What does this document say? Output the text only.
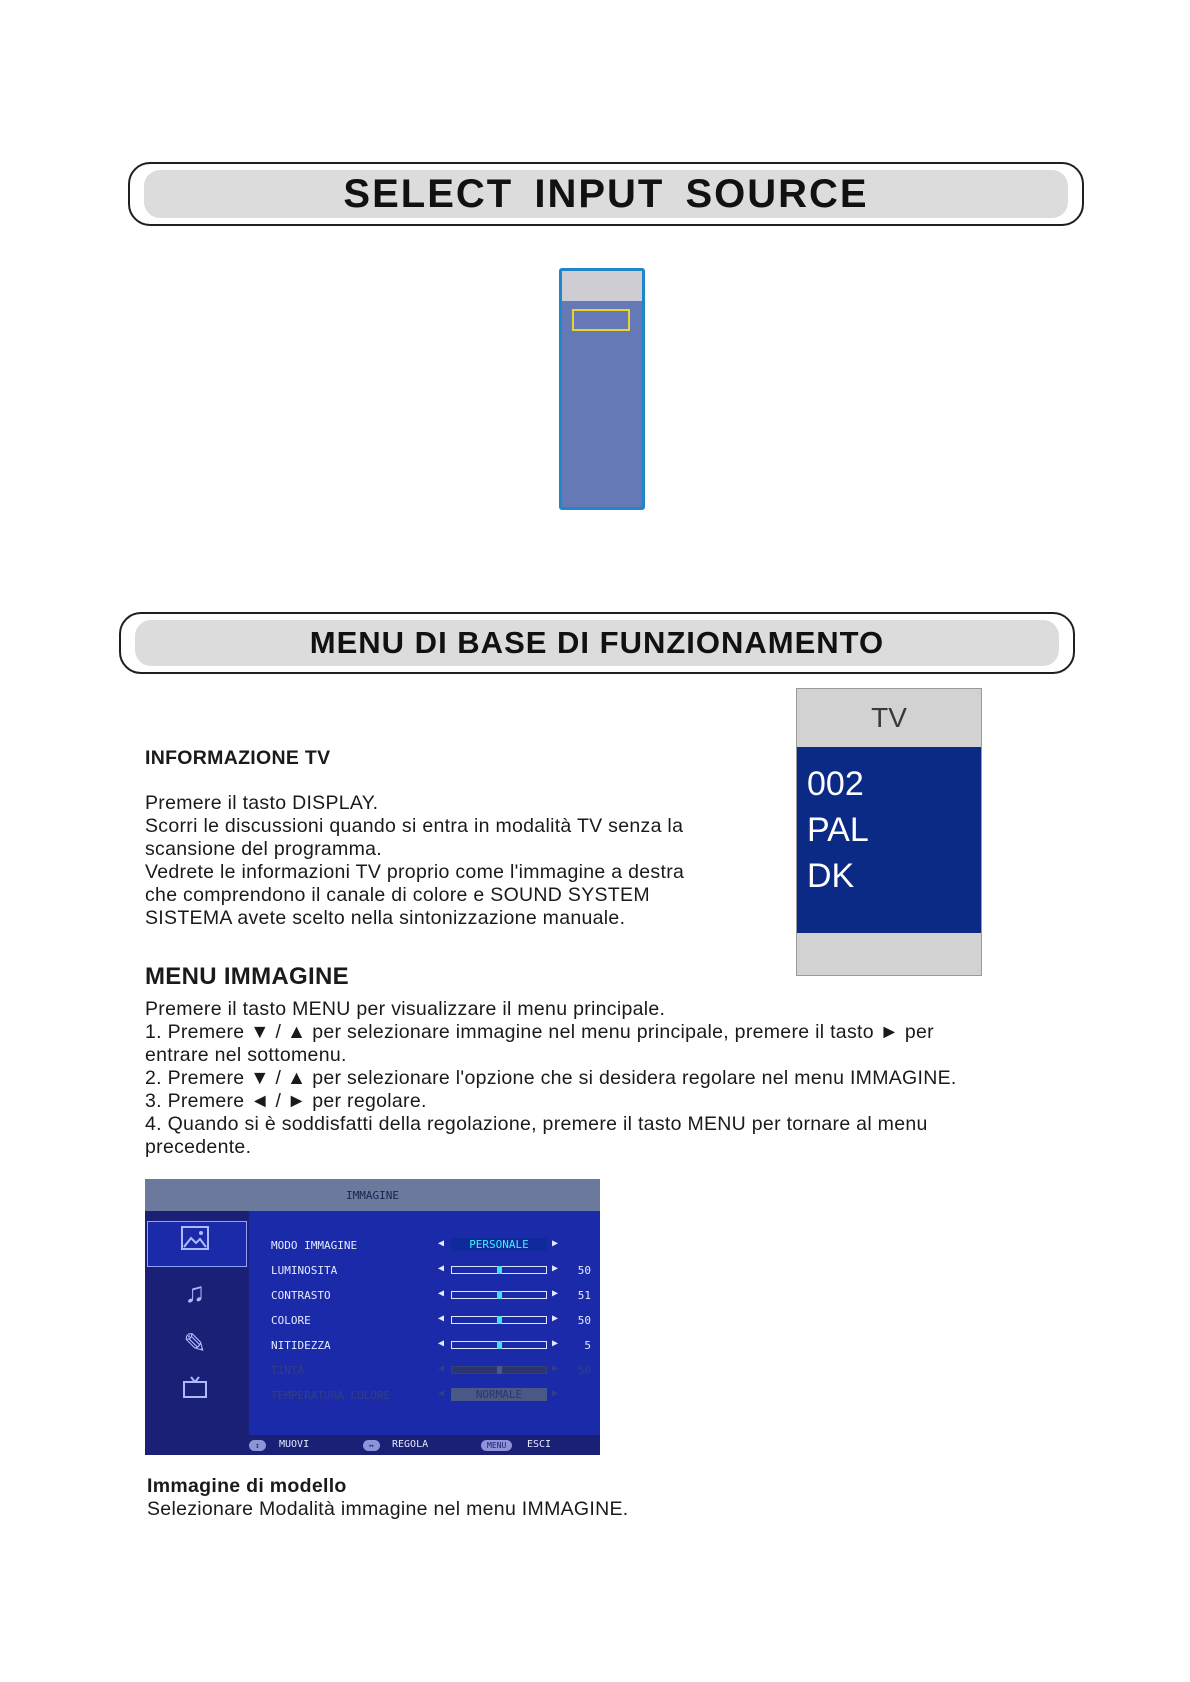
SELECT INPUT SOURCE
MENU DI BASE DI FUNZIONAMENTO
INFORMAZIONE TV
Premere il tasto DISPLAY.
Scorri le discussioni quando si entra in modalità TV senza la
scansione del programma.
Vedrete le informazioni TV proprio come l'immagine a destra
che comprendono il canale di colore e SOUND SYSTEM
SISTEMA avete scelto nella sintonizzazione manuale.
TV
002
PAL
DK
MENU IMMAGINE
Premere il tasto MENU per visualizzare il menu principale.
1. Premere ▼ / ▲ per selezionare immagine nel menu principale, premere il tasto ► per
entrare nel sottomenu.
2. Premere ▼ / ▲ per selezionare l'opzione che si desidera regolare nel menu IMMAGINE.
3. Premere ◄ / ► per regolare.
4. Quando si è soddisfatti della regolazione, premere il tasto MENU per tornare al menu
precedente.
IMMAGINE
♫
✎
MODO IMMAGINE	◀	PERSONALE	▶
LUMINOSITA	◀	▶ 50
CONTRASTO	◀	▶ 51
COLORE	◀	▶ 50
NITIDEZZA	◀	▶ 5
TINTA	◀	▶ 50
TEMPERATURA COLORE	◀	NORMALE	▶
↕	MUOVI	↔	REGOLA	MENU	ESCI
Immagine di modello
Selezionare Modalità immagine nel menu IMMAGINE.
